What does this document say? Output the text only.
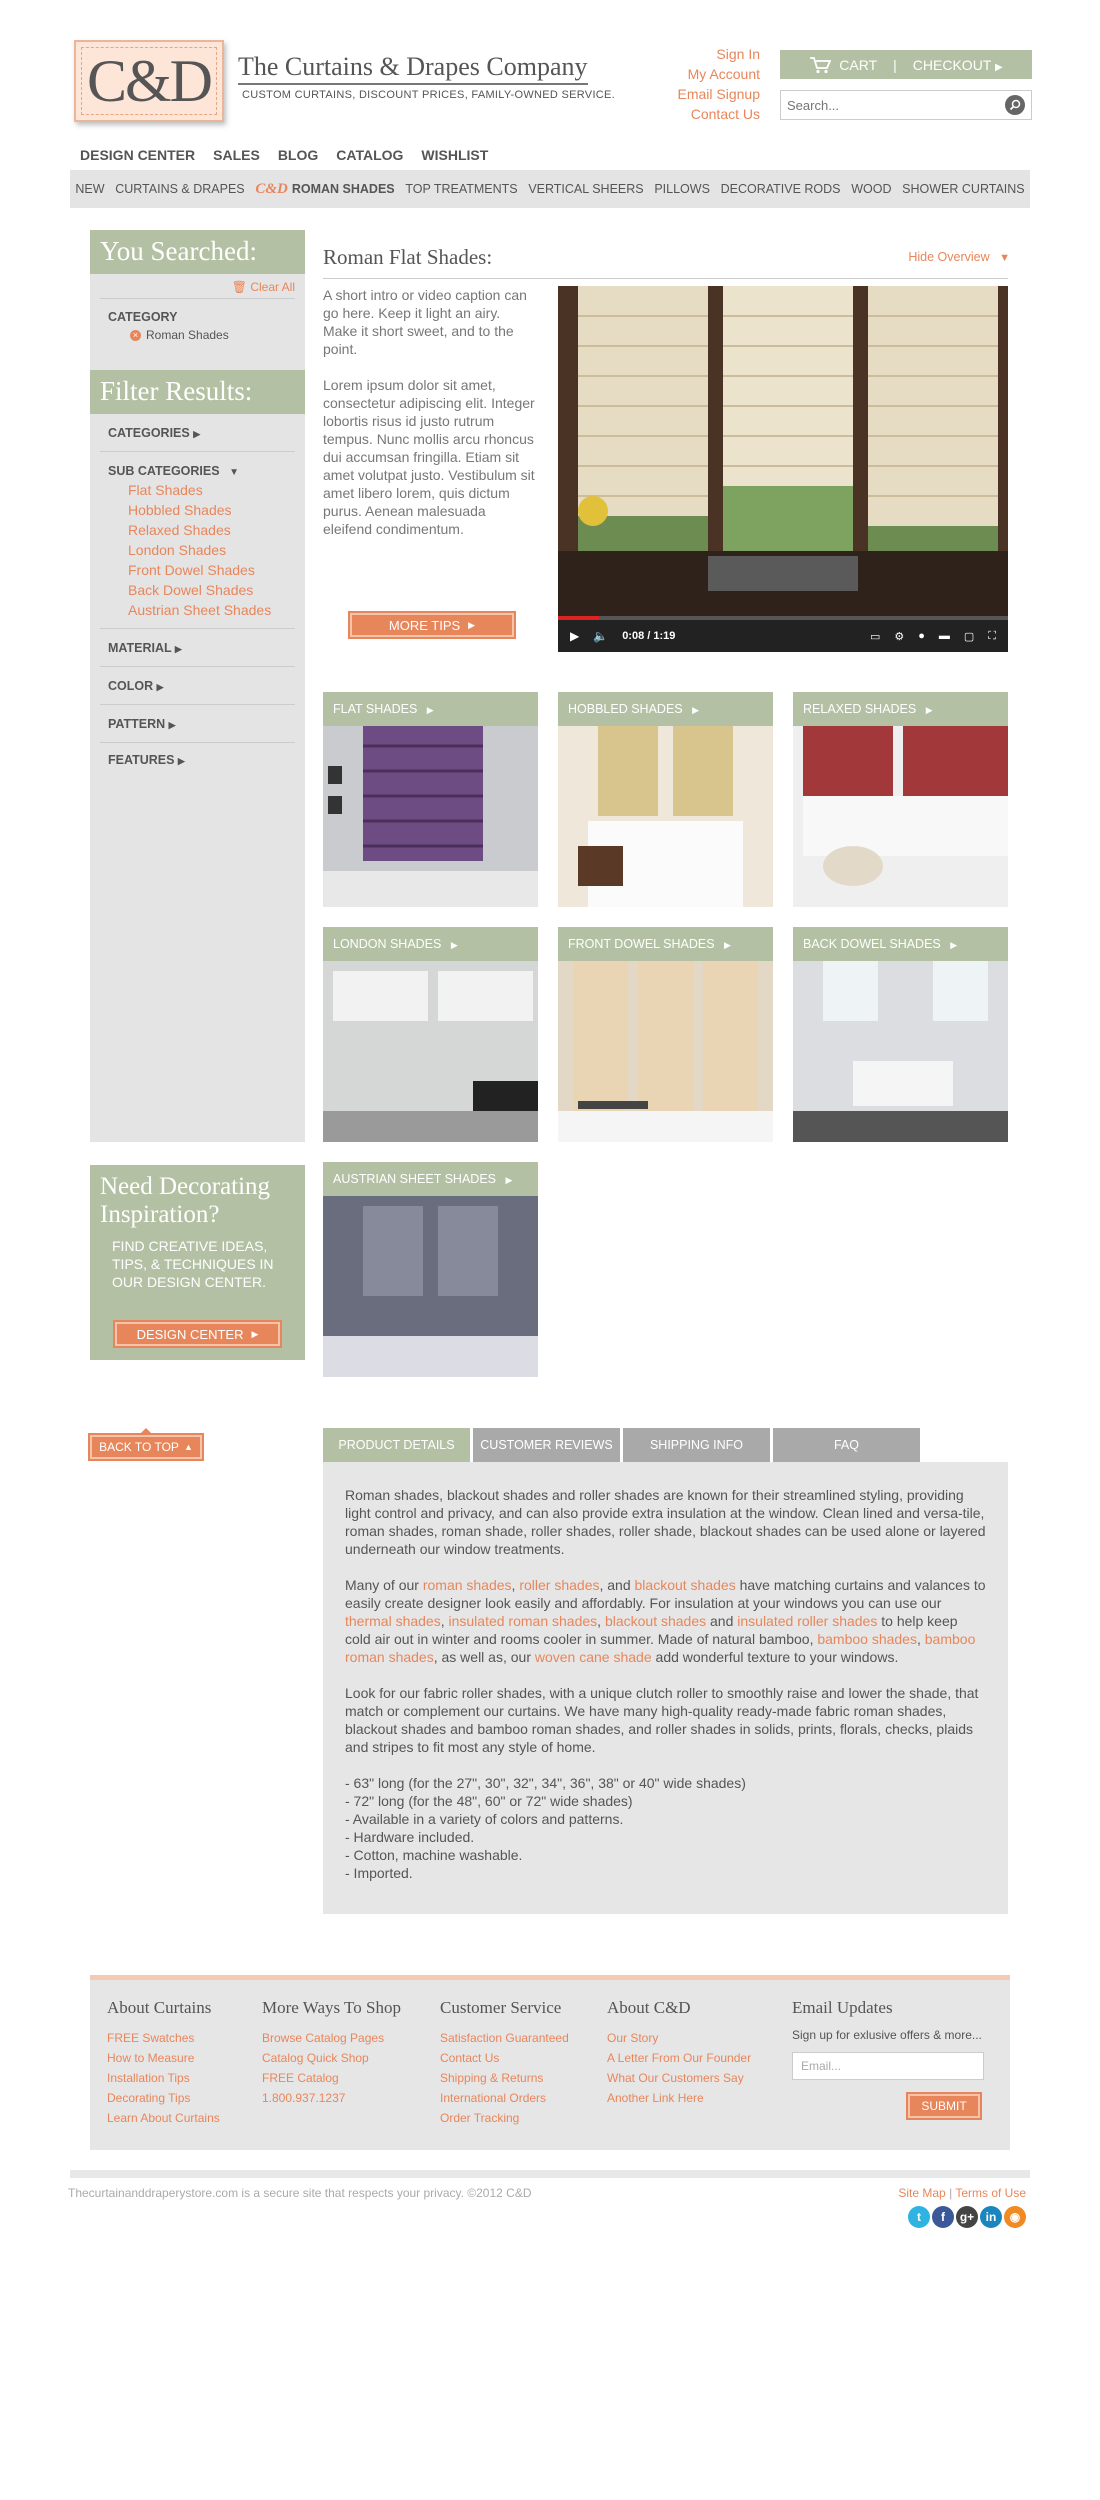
C&D The Curtains & Drapes Company
CUSTOM CURTAINS, DISCOUNT PRICES, FAMILY-OWNED SERVICE.
Sign In
My Account
Email Signup
Contact Us
CART | CHECKOUT ▶
Search...
DESIGN CENTER SALES BLOG CATALOG WISHLIST
NEW CURTAINS & DRAPES C&D ROMAN SHADES TOP TREATMENTS VERTICAL SHEERS PILLOWS DECORATIVE RODS WOOD SHOWER CURTAINS
You Searched:
🗑 Clear All
CATEGORY
× Roman Shades
Filter Results:
CATEGORIES ▶
SUB CATEGORIES ▼
Flat Shades
Hobbled Shades
Relaxed Shades
London Shades
Front Dowel Shades
Back Dowel Shades
Austrian Sheet Shades
MATERIAL ▶
COLOR ▶
PATTERN ▶
FEATURES ▶
Need Decorating Inspiration?

FIND CREATIVE IDEAS, TIPS, & TECHNIQUES IN OUR DESIGN CENTER.

DESIGN CENTER ▶
BACK TO TOP ▲
Roman Flat Shades:	Hide Overview ▼

A short intro or video caption can go here. Keep it light an airy. Make it short sweet, and to the point.

Lorem ipsum dolor sit amet, consectetur adipiscing elit. Integer lobortis risus id justo rutrum tempus. Nunc mollis arcu rhoncus dui accumsan fringilla. Etiam sit amet volutpat justo. Vestibulum sit amet libero lorem, quis dictum purus. Aenean malesuada eleifend condimentum.

MORE TIPS ▶
▶ 🔈 0:08 / 1:19	▭ ⚙ ● ▬ ▢ ⛶
FLAT SHADES ▶	HOBBLED SHADES ▶	RELAXED SHADES ▶
LONDON SHADES ▶	FRONT DOWEL SHADES ▶	BACK DOWEL SHADES ▶
AUSTRIAN SHEET SHADES ▶
PRODUCT DETAILS	CUSTOMER REVIEWS	SHIPPING INFO	FAQ

Roman shades, blackout shades and roller shades are known for their streamlined styling, providing light control and privacy, and can also provide extra insulation at the window. Clean lined and versa-tile, roman shades, roman shade, roller shades, roller shade, blackout shades can be used alone or layered underneath our window treatments.

Many of our roman shades, roller shades, and blackout shades have matching curtains and valances to easily create designer look easily and affordably. For insulation at your windows you can use our thermal shades, insulated roman shades, blackout shades and insulated roller shades to help keep cold air out in winter and rooms cooler in summer. Made of natural bamboo, bamboo shades, bamboo roman shades, as well as, our woven cane shade add wonderful texture to your windows.

Look for our fabric roller shades, with a unique clutch roller to smoothly raise and lower the shade, that match or complement our curtains. We have many high-quality ready-made fabric roman shades, blackout shades and bamboo roman shades, and roller shades in solids, prints, florals, checks, plaids and stripes to fit most any style of home.

- 63" long (for the 27", 30", 32", 34", 36", 38" or 40" wide shades)
- 72" long (for the 48", 60" or 72" wide shades)
- Available in a variety of colors and patterns.
- Hardware included.
- Cotton, machine washable.
- Imported.
About Curtains
FREE Swatches
How to Measure
Installation Tips
Decorating Tips
Learn About Curtains
More Ways To Shop
Browse Catalog Pages
Catalog Quick Shop
FREE Catalog
1.800.937.1237
Customer Service
Satisfaction Guaranteed
Contact Us
Shipping & Returns
International Orders
Order Tracking
About C&D
Our Story
A Letter From Our Founder
What Our Customers Say
Another Link Here
Email Updates
Sign up for exlusive offers & more...
Email...
SUBMIT
Thecurtainanddraperystore.com is a secure site that respects your privacy. ©2012 C&D	Site Map | Terms of Use
t	f	g+ in	◉
